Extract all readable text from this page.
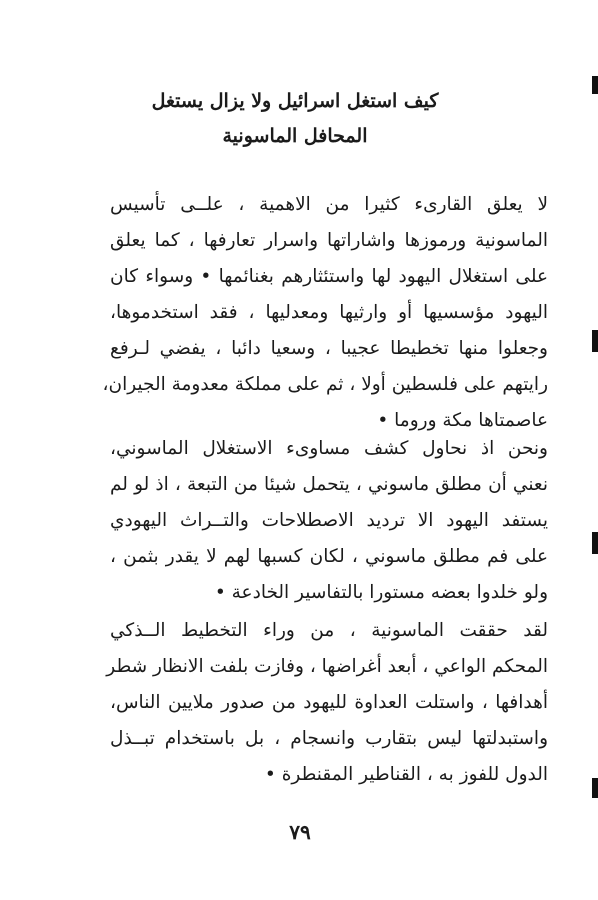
كيف استغل اسرائيل ولا يزال يستغل
المحافل الماسونية
لا يعلق القارىء كثيرا من الاهمية ، علــى تأسيس
الماسونية ورموزها واشاراتها واسرار تعارفها ، كما يعلق
على استغلال اليهود لها واستئثارهم بغنائمها • وسواء كان
اليهود مؤسسيها أو وارثيها ومعدليها ، فقد استخدموها،
وجعلوا منها تخطيطا عجيبا ، وسعيا دائبا ، يفضي لـرفع
رايتهم على فلسطين أولا ، ثم على مملكة معدومة الجيران،
عاصمتاها مكة وروما •
ونحن اذ نحاول كشف مساوىء الاستغلال الماسوني،
نعني أن مطلق ماسوني ، يتحمل شيئا من التبعة ، اذ لو لم
يستفد اليهود الا ترديد الاصطلاحات والتــراث اليهودي
على فم مطلق ماسوني ، لكان كسبها لهم لا يقدر بثمن ،
ولو خلدوا بعضه مستورا بالتفاسير الخادعة •
لقد حققت الماسونية ، من وراء التخطيط الــذكي
المحكم الواعي ، أبعد أغراضها ، وفازت بلفت الانظار شطر
أهدافها ، واستلت العداوة لليهود من صدور ملايين الناس،
واستبدلتها ليس بتقارب وانسجام ، بل باستخدام تبــذل
الدول للفوز به ، القناطير المقنطرة •
٧٩
